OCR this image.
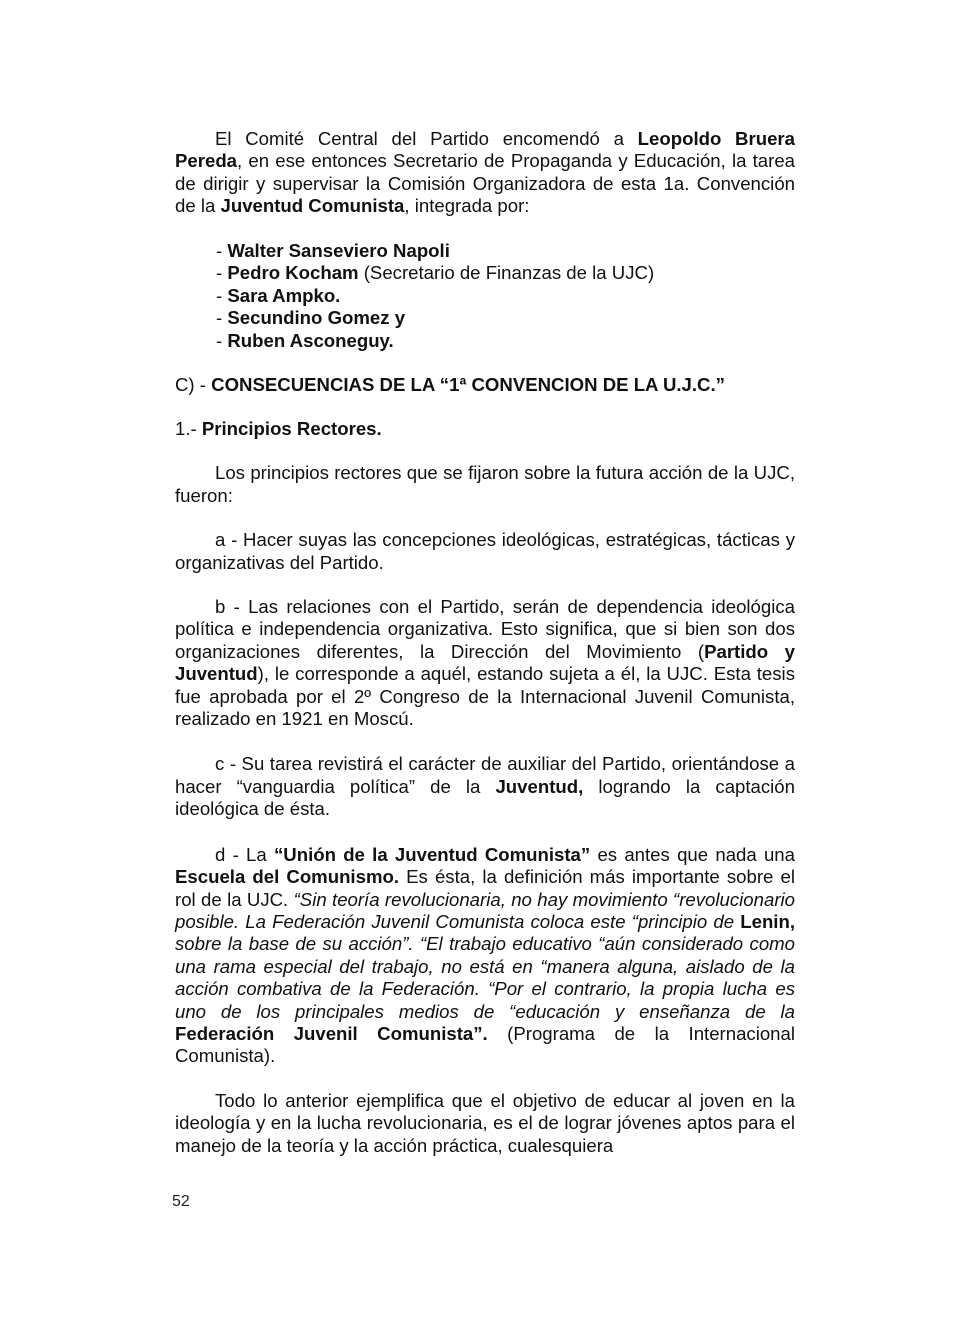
El Comité Central del Partido encomendó a Leopoldo Bruera Pereda, en ese entonces Secretario de Propaganda y Educación, la tarea de dirigir y supervisar la Comisión Organizadora de esta 1a. Convención de la Juventud Comunista, integrada por:

- Walter Sanseviero Napoli
- Pedro Kocham (Secretario de Finanzas de la UJC)
- Sara Ampko.
- Secundino Gomez y
- Ruben Asconeguy.

C) - CONSECUENCIAS DE LA “1ª CONVENCION DE LA U.J.C.”

1.- Principios Rectores.

Los principios rectores que se fijaron sobre la futura acción de la UJC, fueron:

a - Hacer suyas las concepciones ideológicas, estratégicas, tácticas y organizativas del Partido.

b - Las relaciones con el Partido, serán de dependencia ideológica política e independencia organizativa. Esto significa, que si bien son dos organizaciones diferentes, la Dirección del Movimiento (Partido y Juventud), le corresponde a aquél, estando sujeta a él, la UJC. Esta tesis fue aprobada por el 2º Congreso de la Internacional Juvenil Comunista, realizado en 1921 en Moscú.

c - Su tarea revistirá el carácter de auxiliar del Partido, orientándose a hacer “vanguardia política” de la Juventud, logrando la captación ideológica de ésta.

d - La “Unión de la Juventud Comunista” es antes que nada una Escuela del Comunismo. Es ésta, la definición más importante sobre el rol de la UJC. “Sin teoría revolucionaria, no hay movimiento “revolucionario posible. La Federación Juvenil Comunista coloca este “principio de Lenin, sobre la base de su acción”. “El trabajo educativo “aún considerado como una rama especial del trabajo, no está en “manera alguna, aislado de la acción combativa de la Federación. “Por el contrario, la propia lucha es uno de los principales medios de “educación y enseñanza de la Federación Juvenil Comunista”. (Programa de la Internacional Comunista).

Todo lo anterior ejemplifica que el objetivo de educar al joven en la ideología y en la lucha revolucionaria, es el de lograr jóvenes aptos para el manejo de la teoría y la acción práctica, cualesquiera

52
